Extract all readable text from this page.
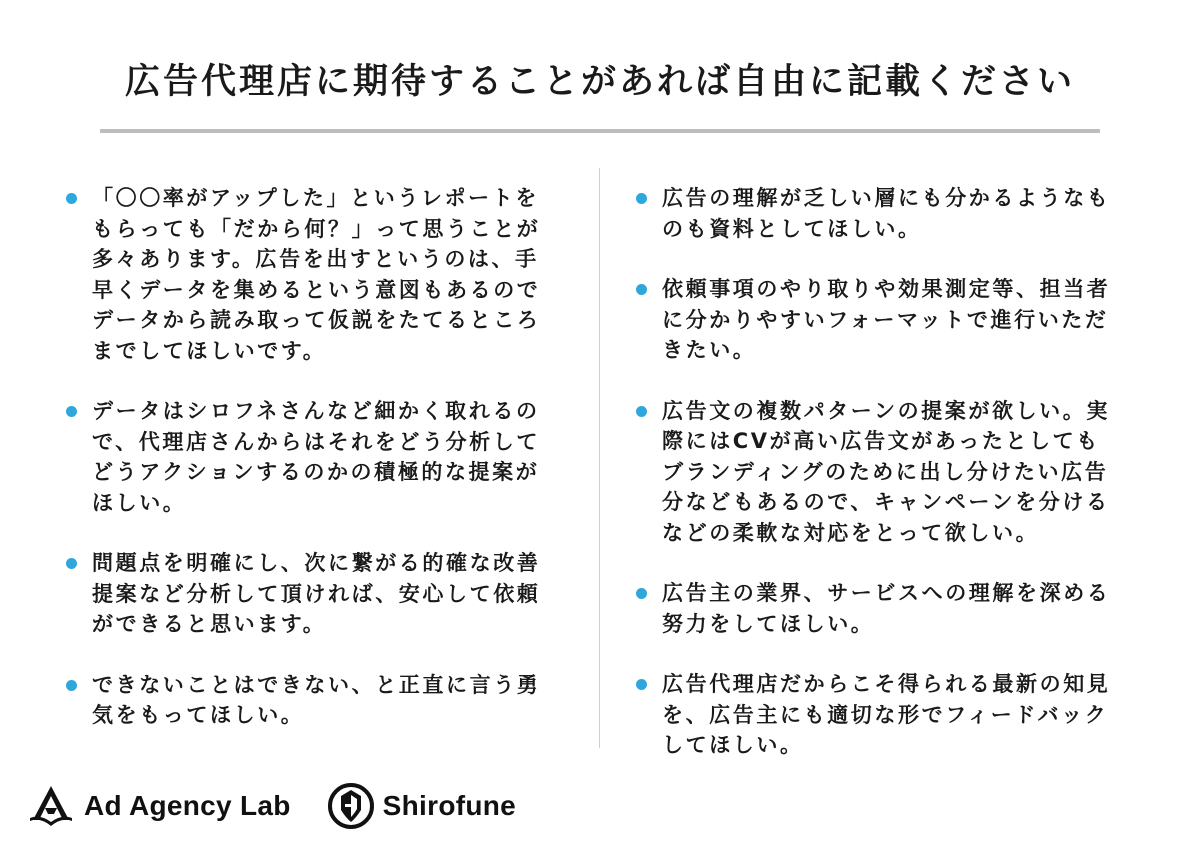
広告代理店に期待することがあれば自由に記載ください
「〇〇率がアップした」というレポートをもらっても「だから何？」って思うことが多々あります。広告を出すというのは、手早くデータを集めるという意図もあるのでデータから読み取って仮説をたてるところまでしてほしいです。
データはシロフネさんなど細かく取れるので、代理店さんからはそれをどう分析してどうアクションするのかの積極的な提案がほしい。
問題点を明確にし、次に繋がる的確な改善提案など分析して頂ければ、安心して依頼ができると思います。
できないことはできない、と正直に言う勇気をもってほしい。
広告の理解が乏しい層にも分かるようなものも資料としてほしい。
依頼事項のやり取りや効果測定等、担当者に分かりやすいフォーマットで進行いただきたい。
広告文の複数パターンの提案が欲しい。実際にはCVが高い広告文があったとしてもブランディングのために出し分けたい広告分などもあるので、キャンペーンを分けるなどの柔軟な対応をとって欲しい。
広告主の業界、サービスへの理解を深める努力をしてほしい。
広告代理店だからこそ得られる最新の知見を、広告主にも適切な形でフィードバックしてほしい。
Ad Agency Lab	Shirofune
